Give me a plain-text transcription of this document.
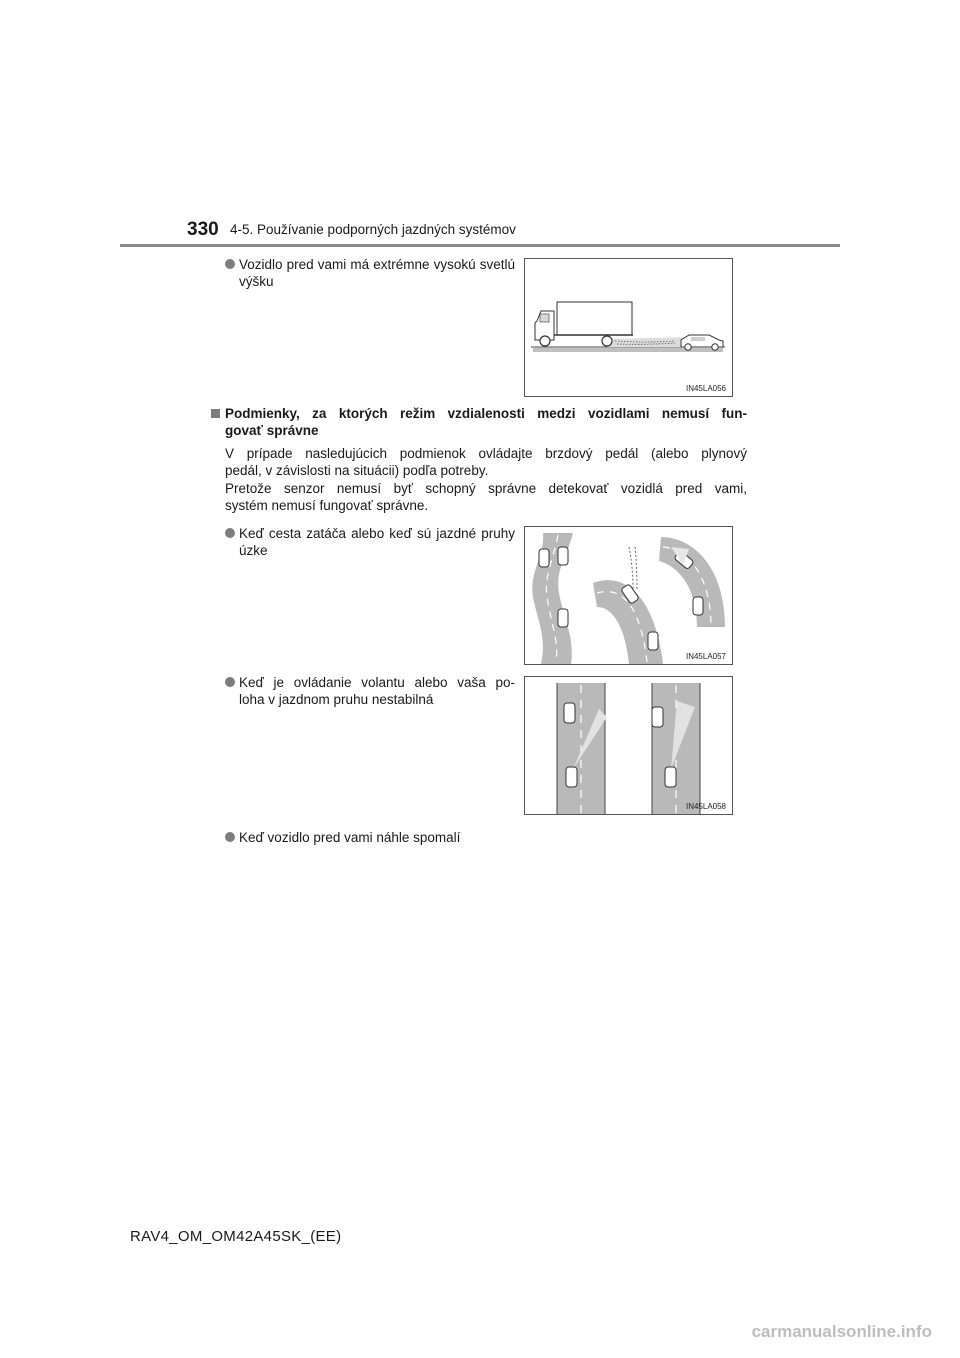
330 4-5. Používanie podporných jazdných systémov
Vozidlo pred vami má extrémne vysokú svetlú výšku
IN45LA056
Podmienky, za ktorých režim vzdialenosti medzi vozidlami nemusí fun-
govať správne
V prípade nasledujúcich podmienok ovládajte brzdový pedál (alebo plynový
pedál, v závislosti na situácii) podľa potreby.
Pretože senzor nemusí byť schopný správne detekovať vozidlá pred vami,
systém nemusí fungovať správne.
Keď cesta zatáča alebo keď sú jazdné pruhy úzke
IN45LA057
Keď je ovládanie volantu alebo vaša po-
loha v jazdnom pruhu nestabilná
IN45LA058
Keď vozidlo pred vami náhle spomalí
RAV4_OM_OM42A45SK_(EE)
carmanualsonline.info
